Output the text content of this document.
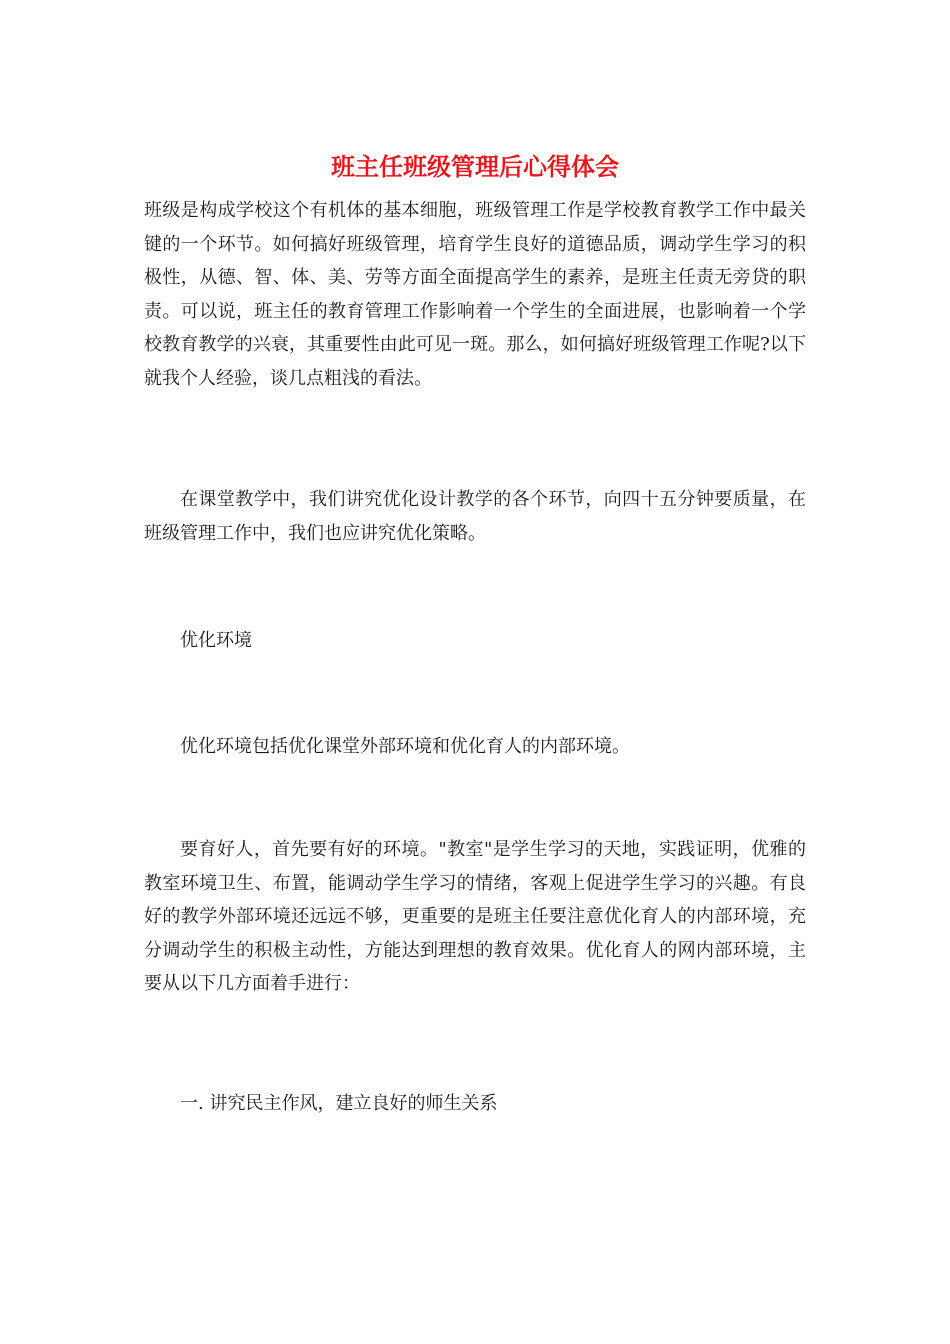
班主任班级管理后心得体会

班级是构成学校这个有机体的基本细胞，班级管理工作是学校教育教学工作中最关键的一个环节。如何搞好班级管理，培育学生良好的道德品质，调动学生学习的积极性，从德、智、体、美、劳等方面全面提高学生的素养，是班主任责无旁贷的职责。可以说，班主任的教育管理工作影响着一个学生的全面进展，也影响着一个学校教育教学的兴衰，其重要性由此可见一斑。那么，如何搞好班级管理工作呢?以下就我个人经验，谈几点粗浅的看法。

在课堂教学中，我们讲究优化设计教学的各个环节，向四十五分钟要质量，在班级管理工作中，我们也应讲究优化策略。

优化环境

优化环境包括优化课堂外部环境和优化育人的内部环境。

要育好人，首先要有好的环境。"教室"是学生学习的天地，实践证明，优雅的教室环境卫生、布置，能调动学生学习的情绪，客观上促进学生学习的兴趣。有良好的教学外部环境还远远不够，更重要的是班主任要注意优化育人的内部环境，充分调动学生的积极主动性，方能达到理想的教育效果。优化育人的网内部环境，主要从以下几方面着手进行：

一. 讲究民主作风，建立良好的师生关系
